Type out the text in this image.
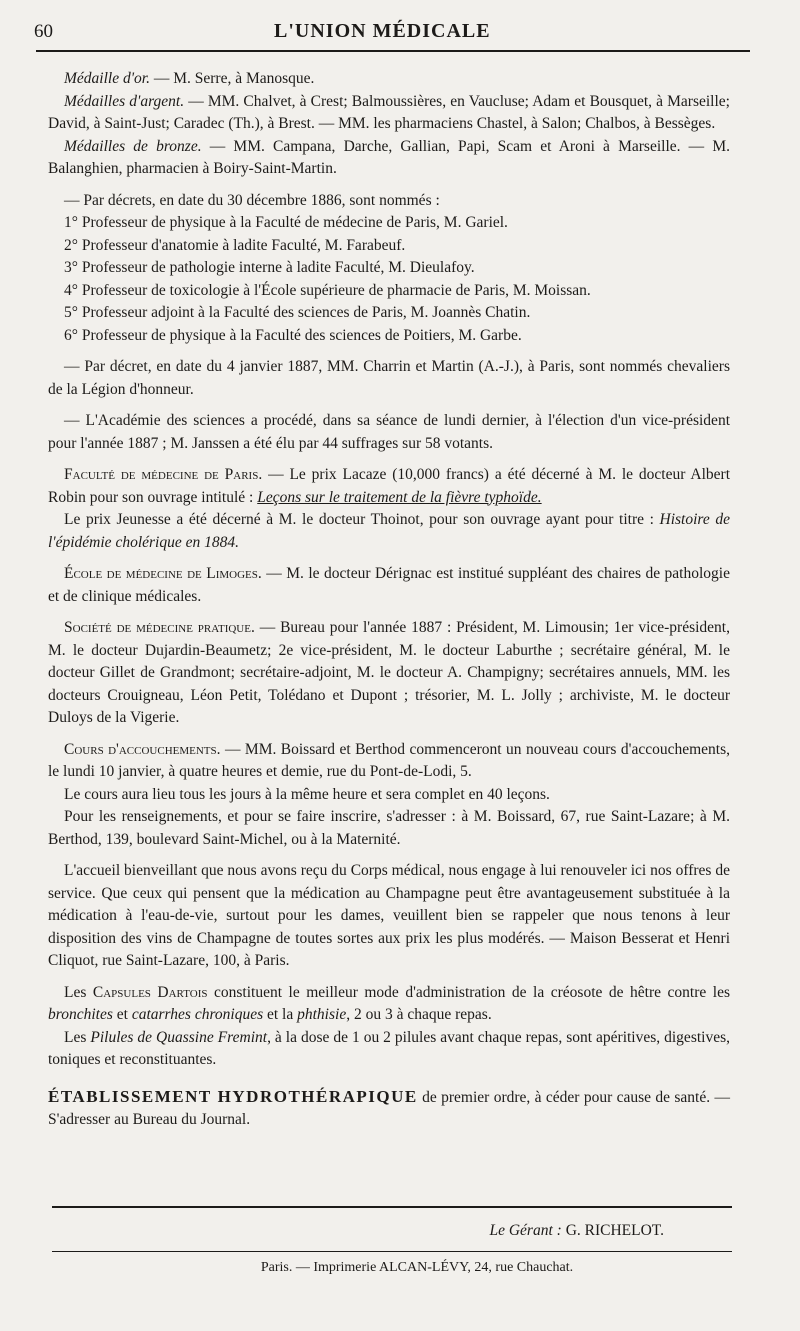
60	L'UNION MÉDICALE

Médaille d'or. — M. Serre, à Manosque.

Médailles d'argent. — MM. Chalvet, à Crest; Balmoussières, en Vaucluse; Adam et Bousquet, à Marseille; David, à Saint-Just; Caradec (Th.), à Brest. — MM. les pharmaciens Chastel, à Salon; Chalbos, à Bessèges.

Médailles de bronze. — MM. Campana, Darche, Gallian, Papi, Scam et Aroni à Marseille. — M. Balanghien, pharmacien à Boiry-Saint-Martin.

— Par décrets, en date du 30 décembre 1886, sont nommés :

1° Professeur de physique à la Faculté de médecine de Paris, M. Gariel.

2° Professeur d'anatomie à ladite Faculté, M. Farabeuf.

3° Professeur de pathologie interne à ladite Faculté, M. Dieulafoy.

4° Professeur de toxicologie à l'École supérieure de pharmacie de Paris, M. Moissan.

5° Professeur adjoint à la Faculté des sciences de Paris, M. Joannès Chatin.

6° Professeur de physique à la Faculté des sciences de Poitiers, M. Garbe.

— Par décret, en date du 4 janvier 1887, MM. Charrin et Martin (A.-J.), à Paris, sont nommés chevaliers de la Légion d'honneur.

— L'Académie des sciences a procédé, dans sa séance de lundi dernier, à l'élection d'un vice-président pour l'année 1887 ; M. Janssen a été élu par 44 suffrages sur 58 votants.

Faculté de médecine de Paris. — Le prix Lacaze (10,000 francs) a été décerné à M. le docteur Albert Robin pour son ouvrage intitulé : Leçons sur le traitement de la fièvre typhoïde.

Le prix Jeunesse a été décerné à M. le docteur Thoinot, pour son ouvrage ayant pour titre : Histoire de l'épidémie cholérique en 1884.

École de médecine de Limoges. — M. le docteur Dérignac est institué suppléant des chaires de pathologie et de clinique médicales.

Société de médecine pratique. — Bureau pour l'année 1887 : Président, M. Limousin; 1er vice-président, M. le docteur Dujardin-Beaumetz; 2e vice-président, M. le docteur Laburthe ; secrétaire général, M. le docteur Gillet de Grandmont; secrétaire-adjoint, M. le docteur A. Champigny; secrétaires annuels, MM. les docteurs Crouigneau, Léon Petit, Tolédano et Dupont ; trésorier, M. L. Jolly ; archiviste, M. le docteur Duloys de la Vigerie.

Cours d'accouchements. — MM. Boissard et Berthod commenceront un nouveau cours d'accouchements, le lundi 10 janvier, à quatre heures et demie, rue du Pont-de-Lodi, 5.

Le cours aura lieu tous les jours à la même heure et sera complet en 40 leçons.

Pour les renseignements, et pour se faire inscrire, s'adresser : à M. Boissard, 67, rue Saint-Lazare; à M. Berthod, 139, boulevard Saint-Michel, ou à la Maternité.

L'accueil bienveillant que nous avons reçu du Corps médical, nous engage à lui renouveler ici nos offres de service. Que ceux qui pensent que la médication au Champagne peut être avantageusement substituée à la médication à l'eau-de-vie, surtout pour les dames, veuillent bien se rappeler que nous tenons à leur disposition des vins de Champagne de toutes sortes aux prix les plus modérés. — Maison Besserat et Henri Cliquot, rue Saint-Lazare, 100, à Paris.

Les Capsules Dartois constituent le meilleur mode d'administration de la créosote de hêtre contre les bronchites et catarrhes chroniques et la phthisie, 2 ou 3 à chaque repas.

Les Pilules de Quassine Fremint, à la dose de 1 ou 2 pilules avant chaque repas, sont apéritives, digestives, toniques et reconstituantes.

ÉTABLISSEMENT HYDROTHÉRAPIQUE de premier ordre, à céder pour cause de santé. — S'adresser au Bureau du Journal.

Le Gérant : G. RICHELOT.
Paris. — Imprimerie ALCAN-LÉVY, 24, rue Chauchat.
